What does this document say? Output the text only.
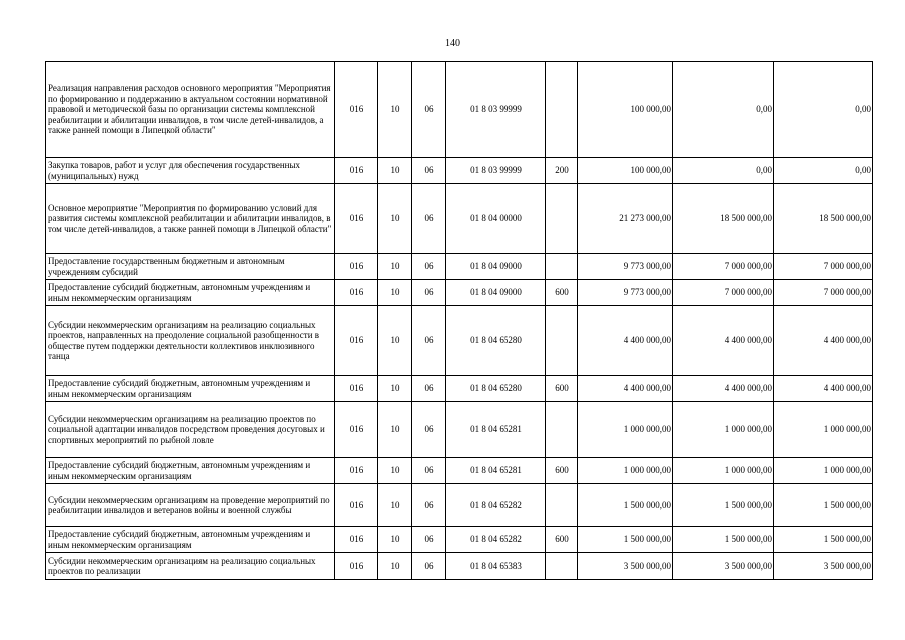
140
Реализация направления расходов основного мероприятия "Мероприятия по формированию и поддержанию в актуальном состоянии нормативной правовой и методической базы по организации системы комплексной реабилитации и абилитации инвалидов, в том числе детей-инвалидов, а также ранней помощи в Липецкой области"	016	10	06	01 8 03 99999		100 000,00	0,00	0,00
Закупка товаров, работ и услуг для обеспечения государственных (муниципальных) нужд	016	10	06	01 8 03 99999	200	100 000,00	0,00	0,00
Основное мероприятие "Мероприятия по формированию условий для развития системы комплексной реабилитации и абилитации инвалидов, в том числе детей-инвалидов, а также ранней помощи в Липецкой области"	016	10	06	01 8 04 00000		21 273 000,00	18 500 000,00	18 500 000,00
Предоставление государственным бюджетным и автономным учреждениям субсидий	016	10	06	01 8 04 09000		9 773 000,00	7 000 000,00	7 000 000,00
Предоставление субсидий бюджетным, автономным учреждениям и иным некоммерческим организациям	016	10	06	01 8 04 09000	600	9 773 000,00	7 000 000,00	7 000 000,00
Субсидии некоммерческим организациям на реализацию социальных проектов, направленных на преодоление социальной разобщенности в обществе путем поддержки деятельности коллективов инклюзивного танца	016	10	06	01 8 04 65280		4 400 000,00	4 400 000,00	4 400 000,00
Предоставление субсидий бюджетным, автономным учреждениям и иным некоммерческим организациям	016	10	06	01 8 04 65280	600	4 400 000,00	4 400 000,00	4 400 000,00
Субсидии некоммерческим организациям на реализацию проектов по социальной адаптации инвалидов посредством проведения досуговых и спортивных мероприятий по рыбной ловле	016	10	06	01 8 04 65281		1 000 000,00	1 000 000,00	1 000 000,00
Предоставление субсидий бюджетным, автономным учреждениям и иным некоммерческим организациям	016	10	06	01 8 04 65281	600	1 000 000,00	1 000 000,00	1 000 000,00
Субсидии некоммерческим организациям на проведение мероприятий по реабилитации инвалидов и ветеранов войны и военной службы	016	10	06	01 8 04 65282		1 500 000,00	1 500 000,00	1 500 000,00
Предоставление субсидий бюджетным, автономным учреждениям и иным некоммерческим организациям	016	10	06	01 8 04 65282	600	1 500 000,00	1 500 000,00	1 500 000,00
Субсидии некоммерческим организациям на реализацию социальных проектов по реализации	016	10	06	01 8 04 65383		3 500 000,00	3 500 000,00	3 500 000,00
